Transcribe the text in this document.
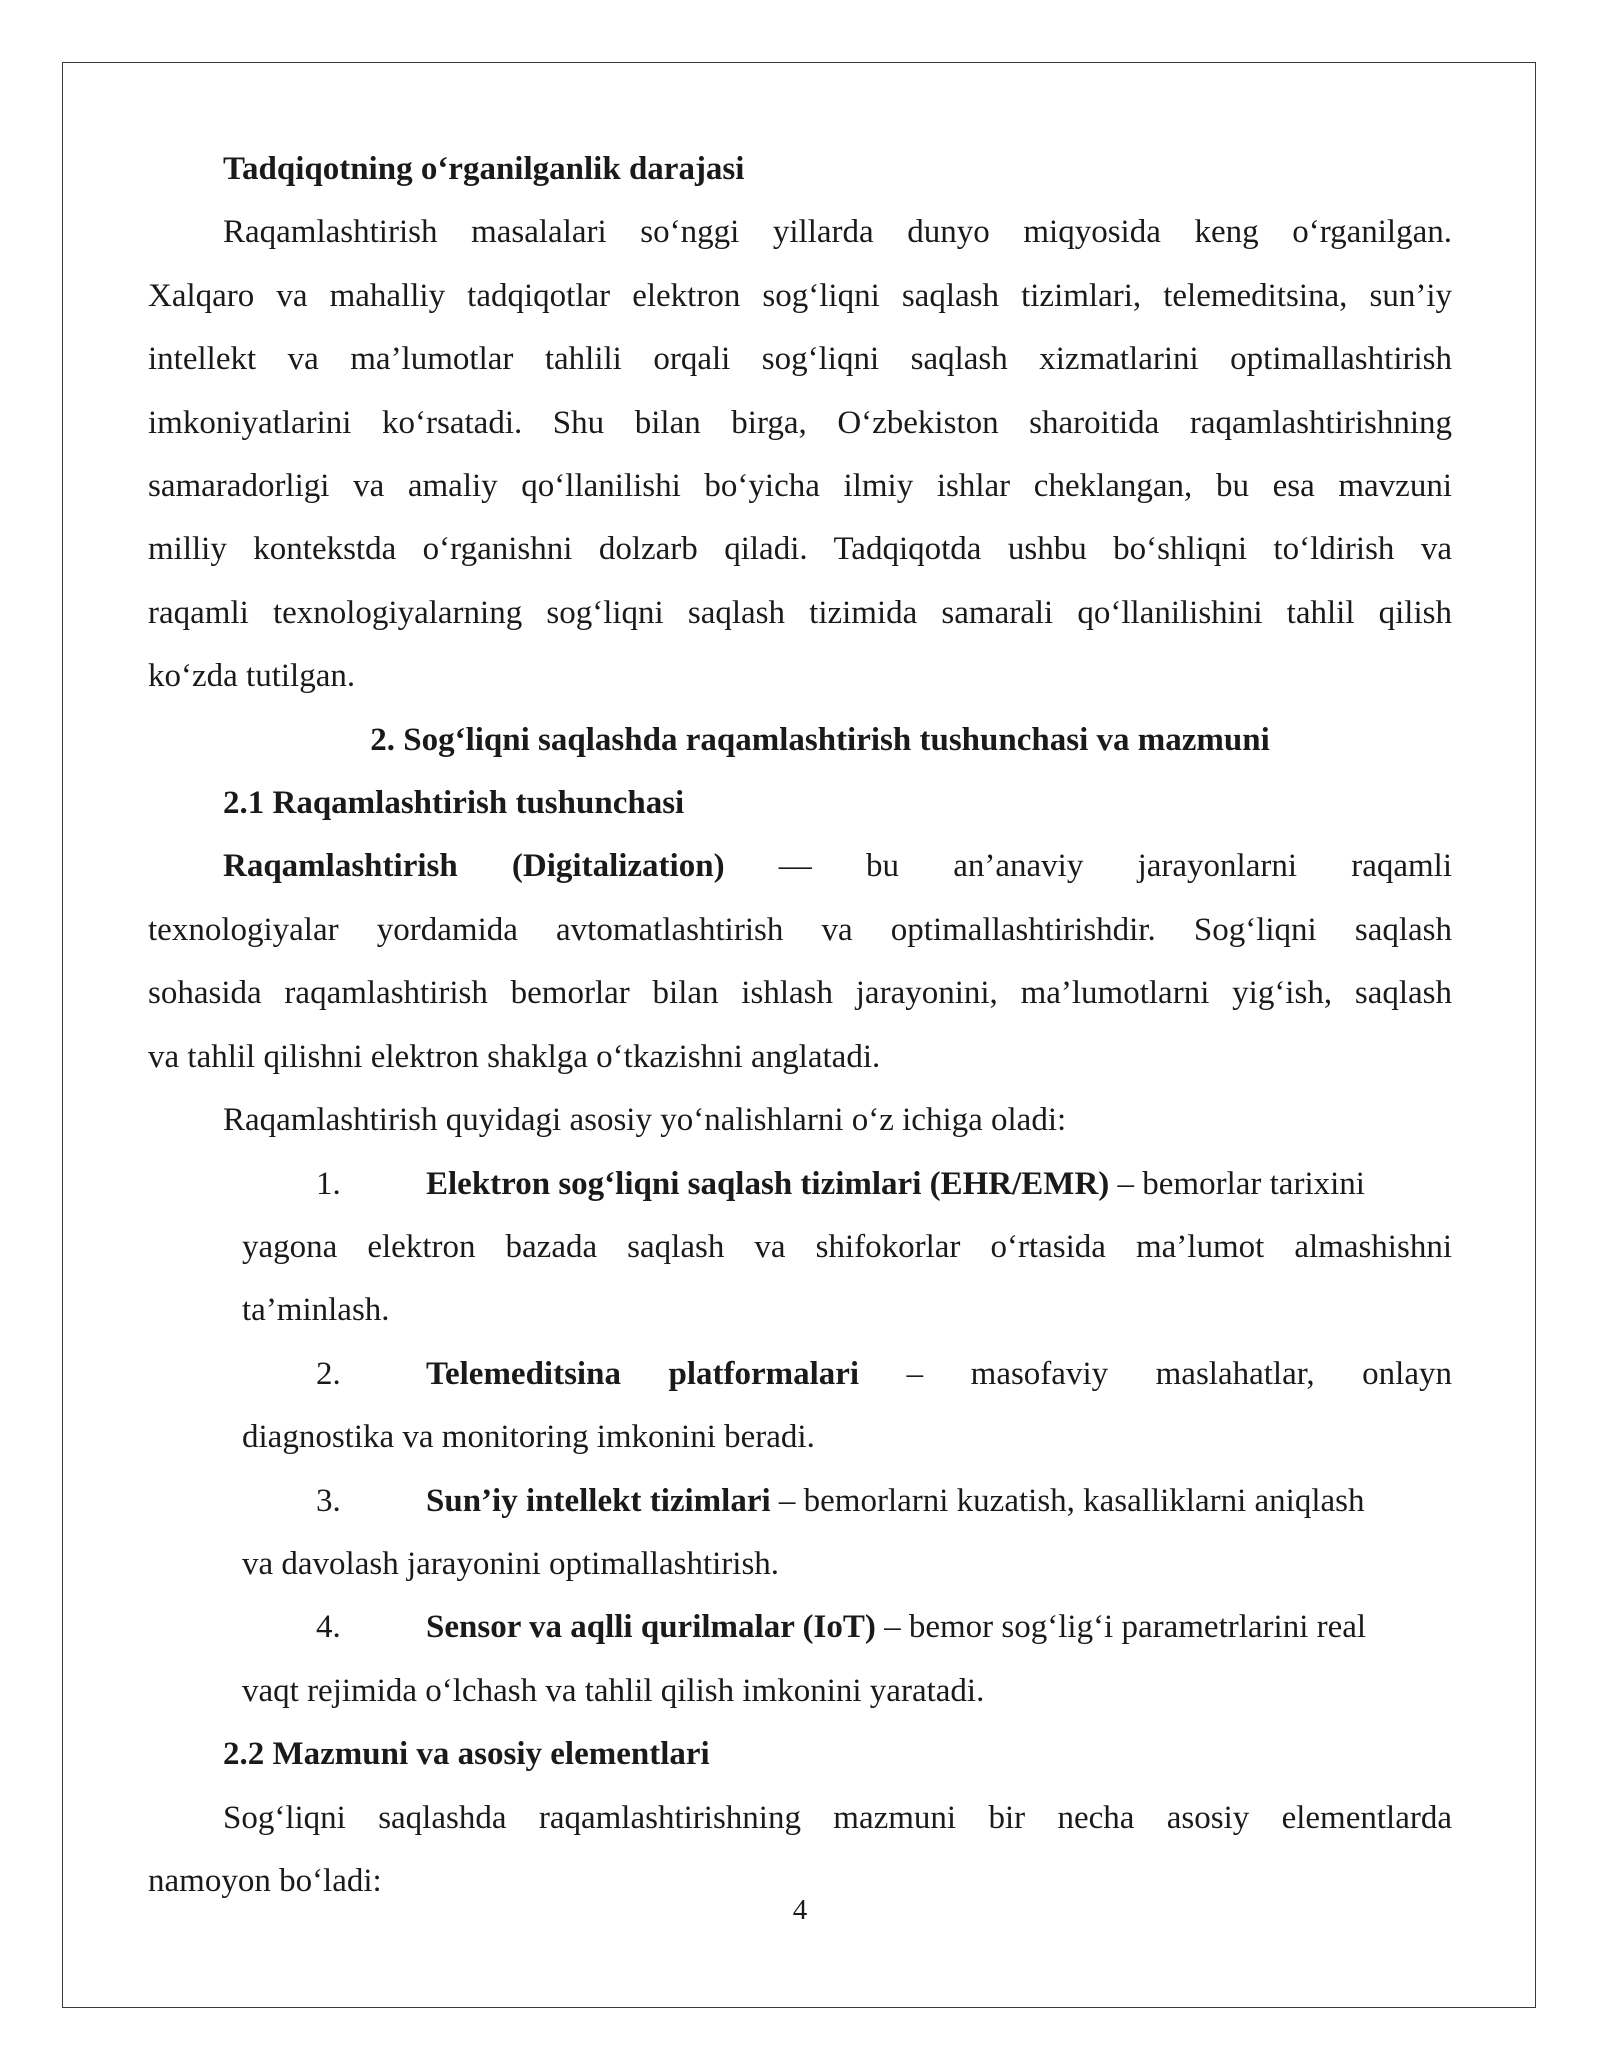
Tadqiqotning o‘rganilganlik darajasi

Raqamlashtirish masalalari so‘nggi yillarda dunyo miqyosida keng o‘rganilgan.
Xalqaro va mahalliy tadqiqotlar elektron sog‘liqni saqlash tizimlari, telemeditsina, sun’iy
intellekt va ma’lumotlar tahlili orqali sog‘liqni saqlash xizmatlarini optimallashtirish
imkoniyatlarini ko‘rsatadi. Shu bilan birga, O‘zbekiston sharoitida raqamlashtirishning
samaradorligi va amaliy qo‘llanilishi bo‘yicha ilmiy ishlar cheklangan, bu esa mavzuni
milliy kontekstda o‘rganishni dolzarb qiladi. Tadqiqotda ushbu bo‘shliqni to‘ldirish va
raqamli texnologiyalarning sog‘liqni saqlash tizimida samarali qo‘llanilishini tahlil qilish
ko‘zda tutilgan.

2. Sog‘liqni saqlashda raqamlashtirish tushunchasi va mazmuni

2.1 Raqamlashtirish tushunchasi

Raqamlashtirish (Digitalization) — bu an’anaviy jarayonlarni raqamli
texnologiyalar yordamida avtomatlashtirish va optimallashtirishdir. Sog‘liqni saqlash
sohasida raqamlashtirish bemorlar bilan ishlash jarayonini, ma’lumotlarni yig‘ish, saqlash
va tahlil qilishni elektron shaklga o‘tkazishni anglatadi.

Raqamlashtirish quyidagi asosiy yo‘nalishlarni o‘z ichiga oladi:

1.	Elektron sog‘liqni saqlash tizimlari (EHR/EMR) – bemorlar tarixini
yagona elektron bazada saqlash va shifokorlar o‘rtasida ma’lumot almashishni
ta’minlash.
2.	Telemeditsina platformalari – masofaviy maslahatlar, onlayn
diagnostika va monitoring imkonini beradi.
3.	Sun’iy intellekt tizimlari – bemorlarni kuzatish, kasalliklarni aniqlash
va davolash jarayonini optimallashtirish.
4.	Sensor va aqlli qurilmalar (IoT) – bemor sog‘lig‘i parametrlarini real
vaqt rejimida o‘lchash va tahlil qilish imkonini yaratadi.

2.2 Mazmuni va asosiy elementlari

Sog‘liqni saqlashda raqamlashtirishning mazmuni bir necha asosiy elementlarda
namoyon bo‘ladi:
4
